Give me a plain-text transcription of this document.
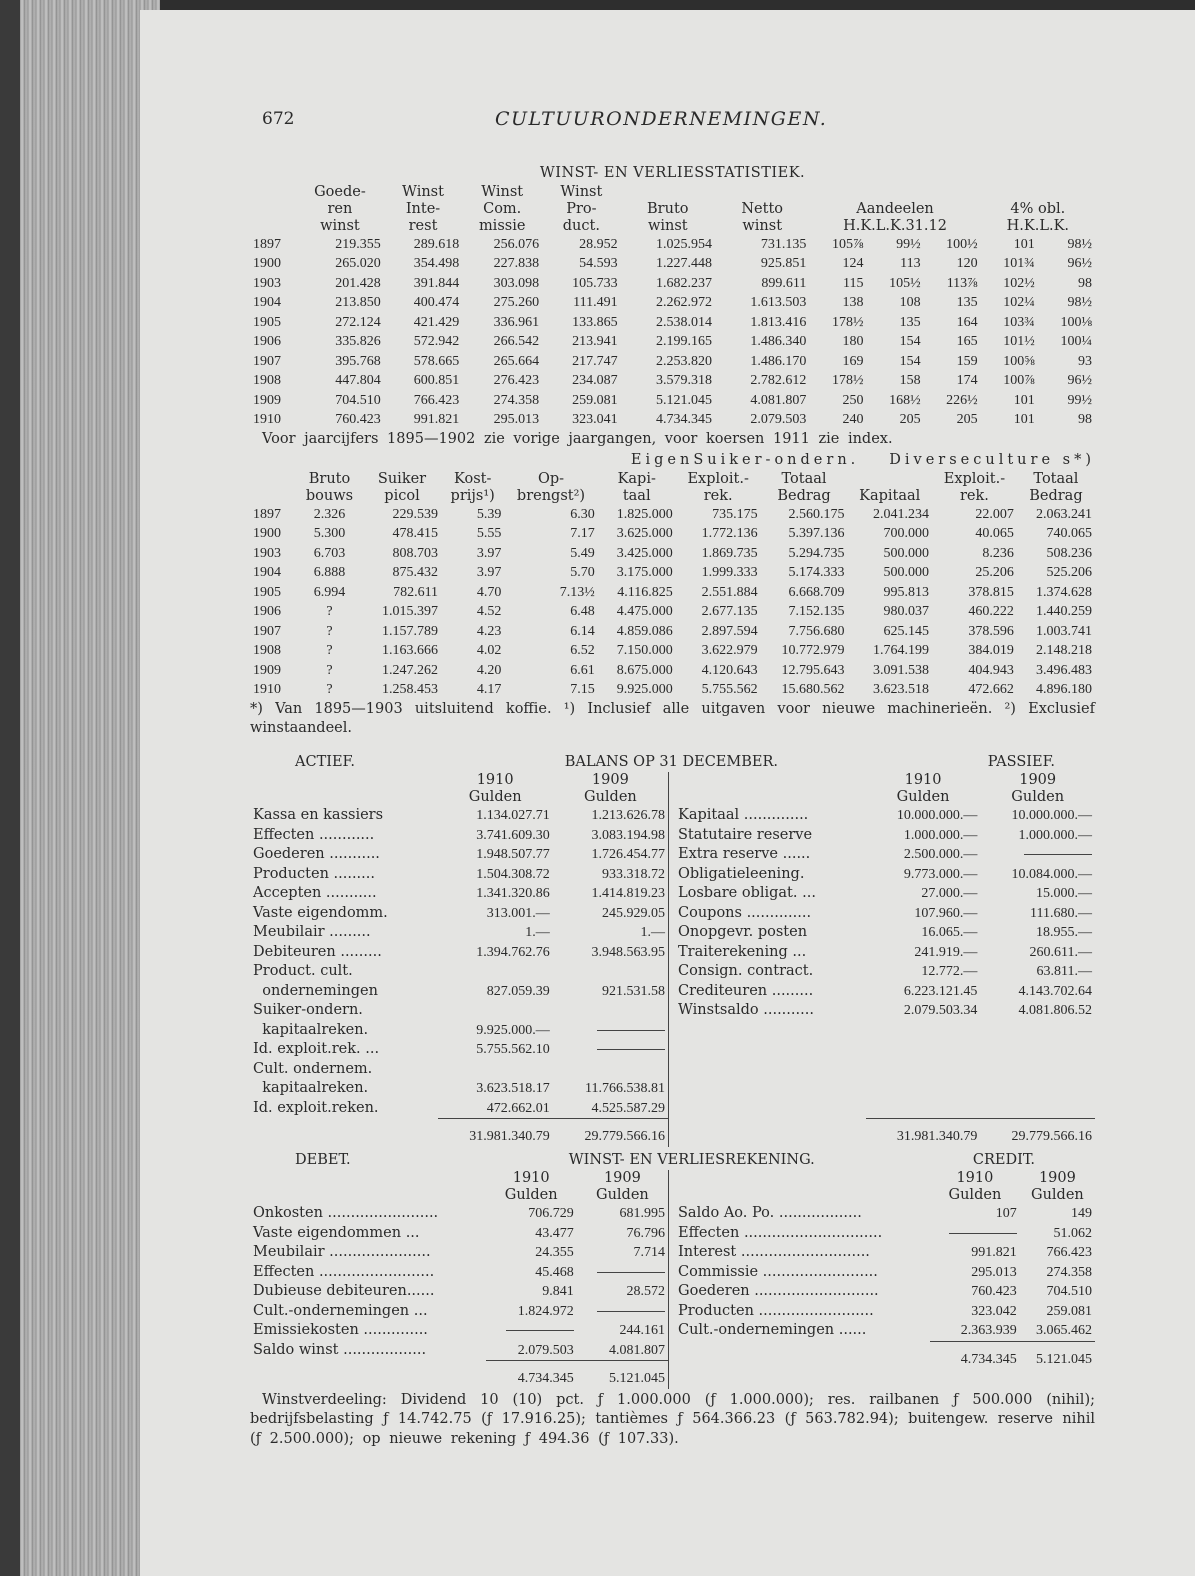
672	CULTUURONDERNEMINGEN.
WINST- EN VERLIESSTATISTIEK.
	Goede-	Winst	Winst	Winst							
	ren	Inte-	Com.	Pro-	Bruto	Netto	Aandeelen			4% obl.	
	winst	rest	missie	duct.	winst	winst	H.K.L.K.31.12			H.K.L.K.	
1897	219.355	289.618	256.076	28.952	1.025.954	731.135	105⅞	99½	100½	101	98½
1900	265.020	354.498	227.838	54.593	1.227.448	925.851	124	113	120	101¾	96½
1903	201.428	391.844	303.098	105.733	1.682.237	899.611	115	105½	113⅞	102½	98
1904	213.850	400.474	275.260	111.491	2.262.972	1.613.503	138	108	135	102¼	98½
1905	272.124	421.429	336.961	133.865	2.538.014	1.813.416	178½	135	164	103¾	100⅛
1906	335.826	572.942	266.542	213.941	2.199.165	1.486.340	180	154	165	101½	100¼
1907	395.768	578.665	265.664	217.747	2.253.820	1.486.170	169	154	159	100⅝	93
1908	447.804	600.851	276.423	234.087	3.579.318	2.782.612	178½	158	174	100⅞	96½
1909	704.510	766.423	274.358	259.081	5.121.045	4.081.807	250	168½	226½	101	99½
1910	760.423	991.821	295.013	323.041	4.734.345	2.079.503	240	205	205	101	98
Voor jaarcijfers 1895—1902 zie vorige jaargangen, voor koersen 1911 zie index.
EigenSuiker-ondern. Diverseculture s*)
	Bruto	Suiker	Kost-	Op-	Kapi-	Exploit.-	Totaal		Exploit.-	Totaal
	bouws	picol	prijs¹)	brengst²)	taal	rek.	Bedrag	Kapitaal	rek.	Bedrag
1897	2.326	229.539	5.39	6.30	1.825.000	735.175	2.560.175	2.041.234	22.007	2.063.241
1900	5.300	478.415	5.55	7.17	3.625.000	1.772.136	5.397.136	700.000	40.065	740.065
1903	6.703	808.703	3.97	5.49	3.425.000	1.869.735	5.294.735	500.000	8.236	508.236
1904	6.888	875.432	3.97	5.70	3.175.000	1.999.333	5.174.333	500.000	25.206	525.206
1905	6.994	782.611	4.70	7.13½	4.116.825	2.551.884	6.668.709	995.813	378.815	1.374.628
1906	?	1.015.397	4.52	6.48	4.475.000	2.677.135	7.152.135	980.037	460.222	1.440.259
1907	?	1.157.789	4.23	6.14	4.859.086	2.897.594	7.756.680	625.145	378.596	1.003.741
1908	?	1.163.666	4.02	6.52	7.150.000	3.622.979	10.772.979	1.764.199	384.019	2.148.218
1909	?	1.247.262	4.20	6.61	8.675.000	4.120.643	12.795.643	3.091.538	404.943	3.496.483
1910	?	1.258.453	4.17	7.15	9.925.000	5.755.562	15.680.562	3.623.518	472.662	4.896.180
*) Van 1895—1903 uitsluitend koffie. ¹) Inclusief alle uitgaven voor nieuwe machinerieën. ²) Exclusief winstaandeel.
ACTIEF.	BALANS OP 31 DECEMBER.	PASSIEF.
	1910	1909
	Gulden	Gulden
Kassa en kassiers	1.134.027.71	1.213.626.78
Effecten ............	3.741.609.30	3.083.194.98
Goederen ...........	1.948.507.77	1.726.454.77
Producten .........	1.504.308.72	933.318.72
Accepten ...........	1.341.320.86	1.414.819.23
Vaste eigendomm.	313.001.—	245.929.05
Meubilair .........	1.—	1.—
Debiteuren .........	1.394.762.76	3.948.563.95
Product. cult.		
ondernemingen	827.059.39	921.531.58
Suiker-ondern.		
kapitaalreken.	9.925.000.—	
Id. exploit.rek. ...	5.755.562.10	
Cult. ondernem.		
kapitaalreken.	3.623.518.17	11.766.538.81
Id. exploit.reken.	472.662.01	4.525.587.29
	31.981.340.79	29.779.566.16
	1910	1909
	Gulden	Gulden
Kapitaal ..............	10.000.000.—	10.000.000.—
Statutaire reserve	1.000.000.—	1.000.000.—
Extra reserve ......	2.500.000.—	
Obligatieleening.	9.773.000.—	10.084.000.—
Losbare obligat. ...	27.000.—	15.000.—
Coupons ..............	107.960.—	111.680.—
Onopgevr. posten	16.065.—	18.955.—
Traiterekening ...	241.919.—	260.611.—
Consign. contract.	12.772.—	63.811.—
Crediteuren .........	6.223.121.45	4.143.702.64
Winstsaldo ...........	2.079.503.34	4.081.806.52

	31.981.340.79	29.779.566.16
DEBET.	WINST- EN VERLIESREKENING.	CREDIT.
	1910	1909
	Gulden	Gulden
Onkosten ........................	706.729	681.995
Vaste eigendommen ...	43.477	76.796
Meubilair ......................	24.355	7.714
Effecten .........................	45.468	
Dubieuse debiteuren......	9.841	28.572
Cult.-ondernemingen ...	1.824.972	
Emissiekosten ..............		244.161
Saldo winst ..................	2.079.503	4.081.807
	4.734.345	5.121.045
	1910	1909
	Gulden	Gulden
Saldo Ao. Po. ..................	107	149
Effecten ..............................		51.062
Interest ............................	991.821	766.423
Commissie .........................	295.013	274.358
Goederen ...........................	760.423	704.510
Producten .........................	323.042	259.081
Cult.-ondernemingen ......	2.363.939	3.065.462
	4.734.345	5.121.045
Winstverdeeling: Dividend 10 (10) pct. ƒ 1.000.000 (ƒ 1.000.000); res. railbanen ƒ 500.000 (nihil); bedrijfsbelasting ƒ 14.742.75 (ƒ 17.916.25); tantièmes ƒ 564.366.23 (ƒ 563.782.94); buitengew. reserve nihil (ƒ 2.500.000); op nieuwe rekening ƒ 494.36 (ƒ 107.33).
